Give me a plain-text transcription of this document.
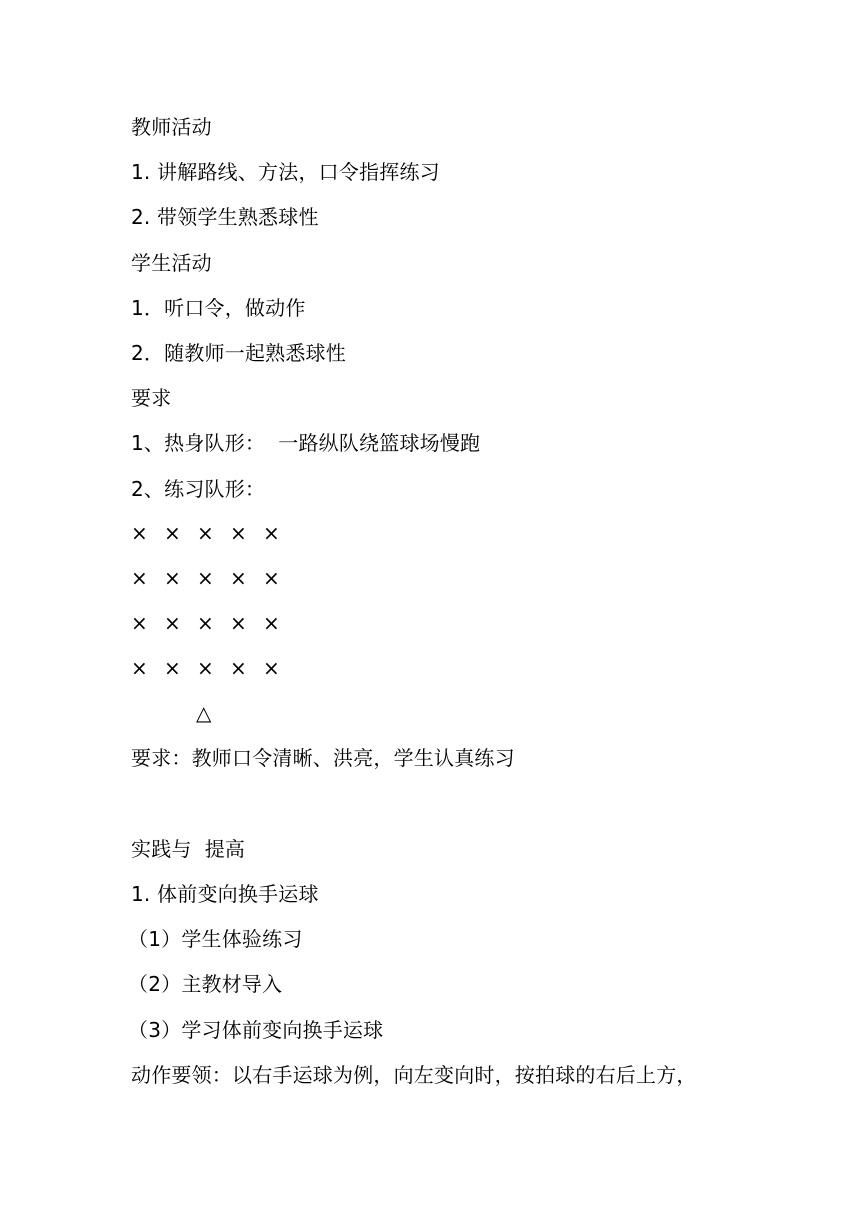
教师活动
1. 讲解路线、方法，口令指挥练习
2. 带领学生熟悉球性
学生活动
1．听口令，做动作
2．随教师一起熟悉球性
要求
1、热身队形：  一路纵队绕篮球场慢跑
2、练习队形：
× × × × ×
× × × × ×
× × × × ×
× × × × ×
△
要求：教师口令清晰、洪亮，学生认真练习
实践与  提高
1. 体前变向换手运球
（1）学生体验练习
（2）主教材导入
（3）学习体前变向换手运球
动作要领：以右手运球为例，向左变向时，按拍球的右后上方，
